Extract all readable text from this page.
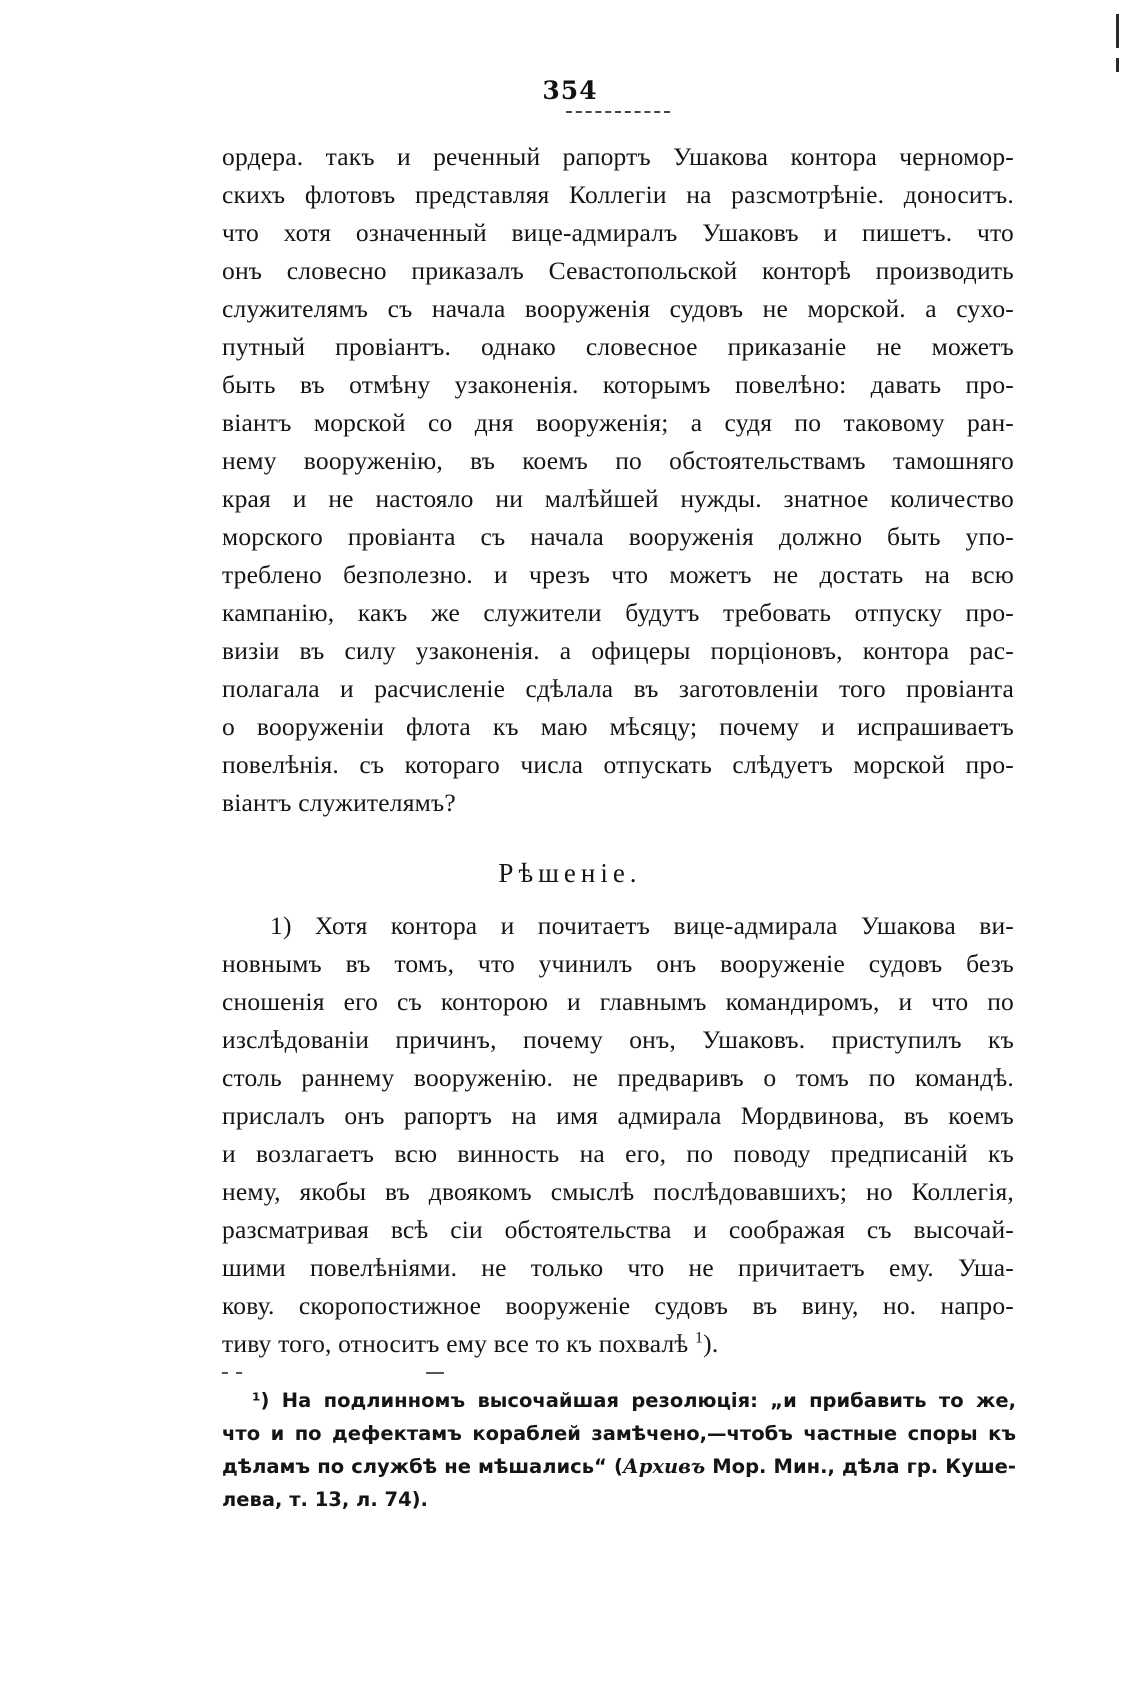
354
ордера. такъ и реченный рапортъ Ушакова контора черномор-
скихъ флотовъ представляя Коллегіи на разсмотрѣніе. доноситъ.
что хотя означенный вице-адмиралъ Ушаковъ и пишетъ. что
онъ словесно приказалъ Севастопольской конторѣ производить
служителямъ съ начала вооруженія судовъ не морской. а сухо-
путный провіантъ. однако словесное приказаніе не можетъ
быть въ отмѣну узаконенія. которымъ повелѣно: давать про-
віантъ морской со дня вооруженія; а судя по таковому ран-
нему вооруженію, въ коемъ по обстоятельствамъ тамошняго
края и не настояло ни малѣйшей нужды. знатное количество
морского провіанта съ начала вооруженія должно быть упо-
треблено безполезно. и чрезъ что можетъ не достать на всю
кампанію, какъ же служители будутъ требовать отпуску про-
визіи въ силу узаконенія. а офицеры порціоновъ, контора рас-
полагала и расчисленіе сдѣлала въ заготовленіи того провіанта
о вооруженіи флота къ маю мѣсяцу; почему и испрашиваетъ
повелѣнія. съ котораго числа отпускать слѣдуетъ морской про-
віантъ служителямъ?
Рѣшеніе.
1) Хотя контора и почитаетъ вице-адмирала Ушакова ви-
новнымъ въ томъ, что учинилъ онъ вооруженіе судовъ безъ
сношенія его съ конторою и главнымъ командиромъ, и что по
изслѣдованіи причинъ, почему онъ, Ушаковъ. приступилъ къ
столь раннему вооруженію. не предваривъ о томъ по командѣ.
прислалъ онъ рапортъ на имя адмирала Мордвинова, въ коемъ
и возлагаетъ всю винность на его, по поводу предписаній къ
нему, якобы въ двоякомъ смыслѣ послѣдовавшихъ; но Коллегія,
разсматривая всѣ сіи обстоятельства и соображая съ высочай-
шими повелѣніями. не только что не причитаетъ ему. Уша-
кову. скоропостижное вооруженіе судовъ въ вину, но. напро-
тиву того, относитъ ему все то къ похвалѣ $^1$).
¹) На подлинномъ высочайшая резолюція: „и прибавить то же,
что и по дефектамъ кораблей замѣчено,—чтобъ частные споры къ
дѣламъ по службѣ не мѣшались“ (Архивъ Мор. Мин., дѣла гр. Куше-
лева, т. 13, л. 74).
